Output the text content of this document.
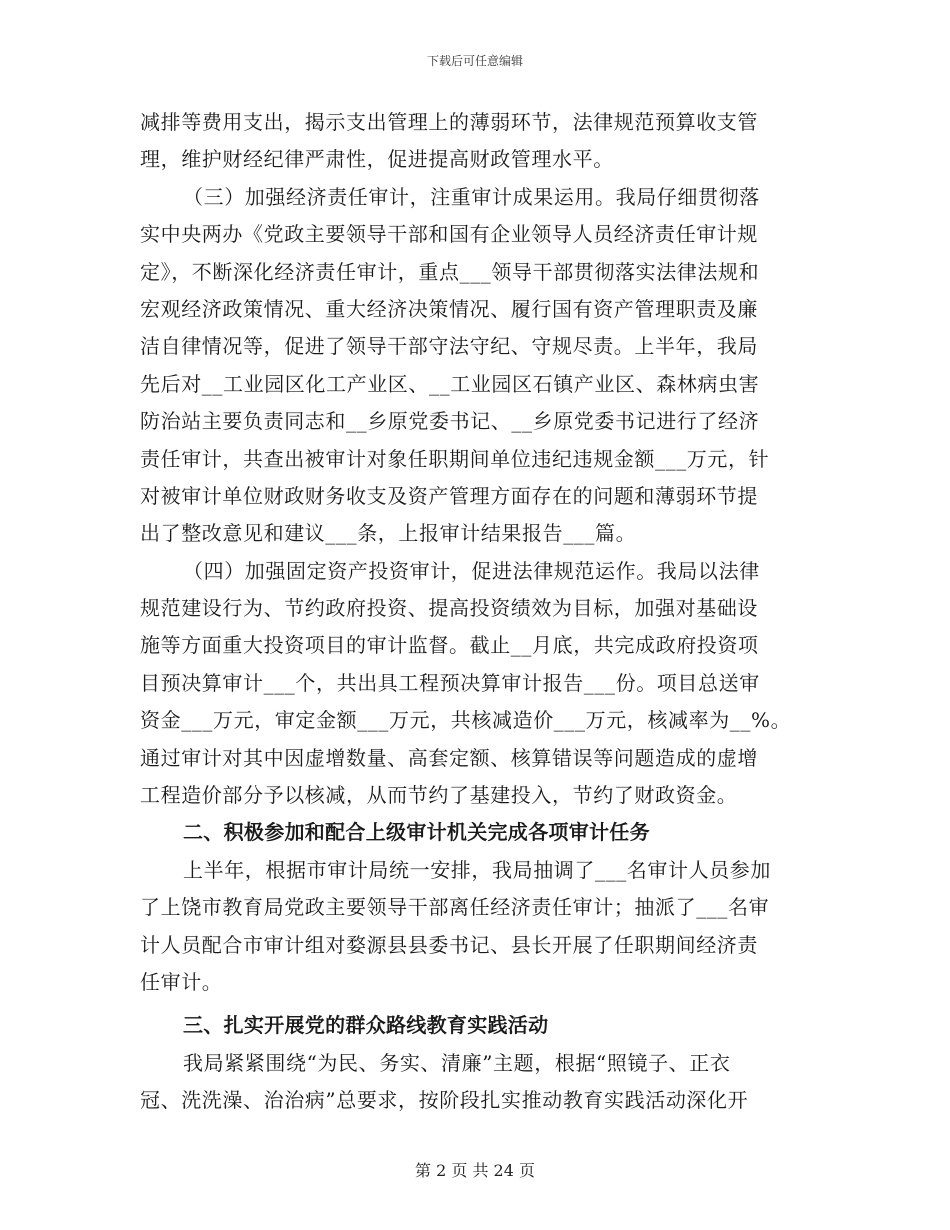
下载后可任意编辑
减排等费用支出，揭示支出管理上的薄弱环节，法律规范预算收支管
理，维护财经纪律严肃性，促进提高财政管理水平。
（三）加强经济责任审计，注重审计成果运用。我局仔细贯彻落
实中央两办《党政主要领导干部和国有企业领导人员经济责任审计规
定》，不断深化经济责任审计，重点___领导干部贯彻落实法律法规和
宏观经济政策情况、重大经济决策情况、履行国有资产管理职责及廉
洁自律情况等，促进了领导干部守法守纪、守规尽责。上半年，我局
先后对__工业园区化工产业区、__工业园区石镇产业区、森林病虫害
防治站主要负责同志和__乡原党委书记、__乡原党委书记进行了经济
责任审计，共查出被审计对象任职期间单位违纪违规金额___万元，针
对被审计单位财政财务收支及资产管理方面存在的问题和薄弱环节提
出了整改意见和建议___条，上报审计结果报告___篇。
（四）加强固定资产投资审计，促进法律规范运作。我局以法律
规范建设行为、节约政府投资、提高投资绩效为目标，加强对基础设
施等方面重大投资项目的审计监督。截止__月底，共完成政府投资项
目预决算审计___个，共出具工程预决算审计报告___份。项目总送审
资金___万元，审定金额___万元，共核减造价___万元，核减率为__%。
通过审计对其中因虚增数量、高套定额、核算错误等问题造成的虚增
工程造价部分予以核减，从而节约了基建投入，节约了财政资金。
二、积极参加和配合上级审计机关完成各项审计任务
上半年，根据市审计局统一安排，我局抽调了___名审计人员参加
了上饶市教育局党政主要领导干部离任经济责任审计；抽派了___名审
计人员配合市审计组对婺源县县委书记、县长开展了任职期间经济责
任审计。
三、扎实开展党的群众路线教育实践活动
我局紧紧围绕“为民、务实、清廉”主题，根据“照镜子、正衣
冠、洗洗澡、治治病”总要求，按阶段扎实推动教育实践活动深化开
第 2 页 共 24 页
